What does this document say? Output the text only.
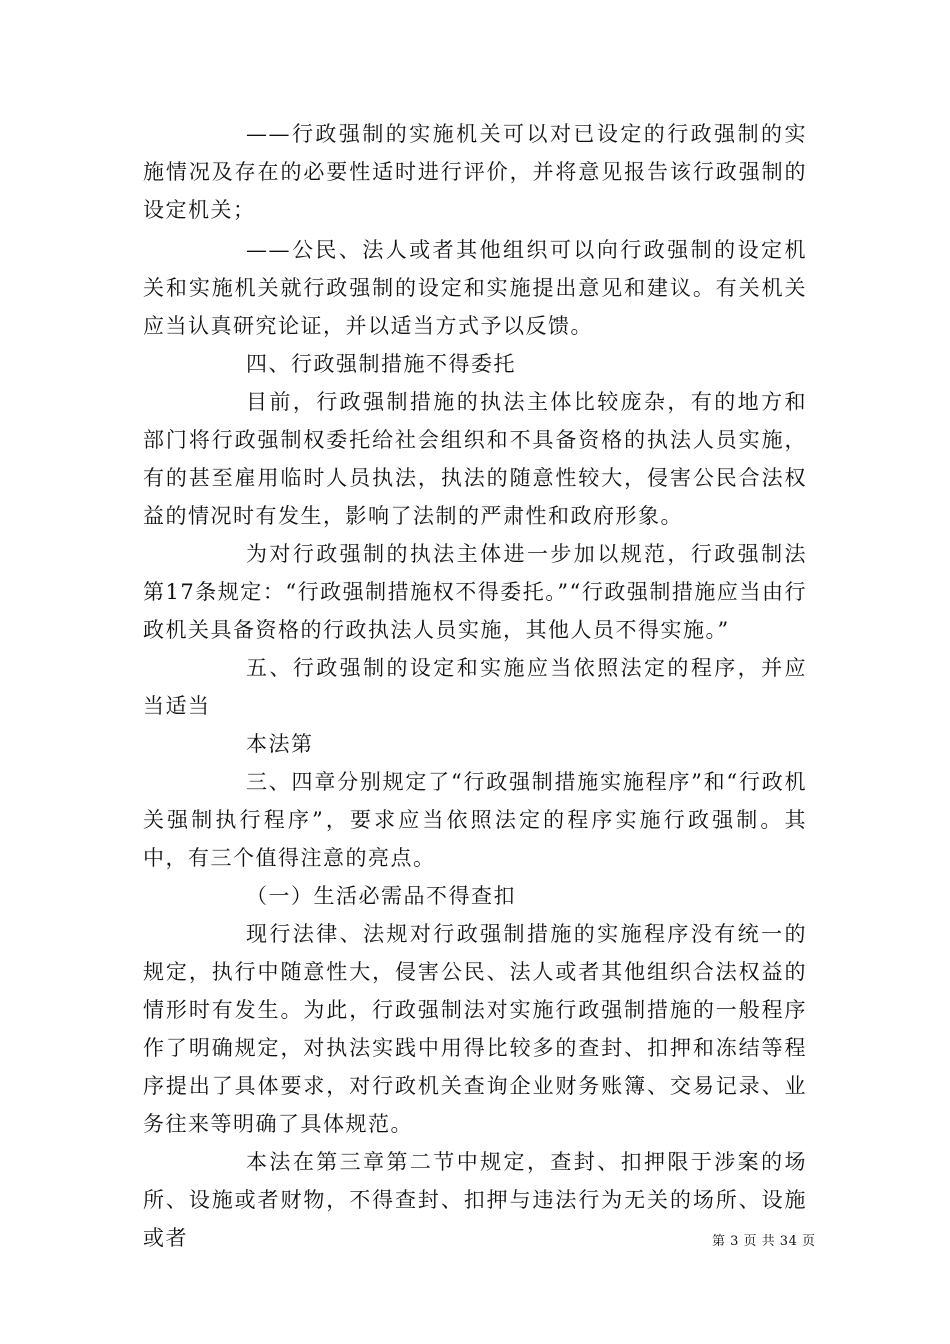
——行政强制的实施机关可以对已设定的行政强制的实施情况及存在的必要性适时进行评价，并将意见报告该行政强制的设定机关；

——公民、法人或者其他组织可以向行政强制的设定机关和实施机关就行政强制的设定和实施提出意见和建议。有关机关应当认真研究论证，并以适当方式予以反馈。

四、行政强制措施不得委托

目前，行政强制措施的执法主体比较庞杂，有的地方和部门将行政强制权委托给社会组织和不具备资格的执法人员实施，有的甚至雇用临时人员执法，执法的随意性较大，侵害公民合法权益的情况时有发生，影响了法制的严肃性和政府形象。

为对行政强制的执法主体进一步加以规范，行政强制法第17条规定：“行政强制措施权不得委托。”“行政强制措施应当由行政机关具备资格的行政执法人员实施，其他人员不得实施。”

五、行政强制的设定和实施应当依照法定的程序，并应当适当

本法第

三、四章分别规定了“行政强制措施实施程序”和“行政机关强制执行程序”，要求应当依照法定的程序实施行政强制。其中，有三个值得注意的亮点。

（一）生活必需品不得查扣

现行法律、法规对行政强制措施的实施程序没有统一的规定，执行中随意性大，侵害公民、法人或者其他组织合法权益的情形时有发生。为此，行政强制法对实施行政强制措施的一般程序作了明确规定，对执法实践中用得比较多的查封、扣押和冻结等程序提出了具体要求，对行政机关查询企业财务账簿、交易记录、业务往来等明确了具体规范。

本法在第三章第二节中规定，查封、扣押限于涉案的场所、设施或者财物，不得查封、扣押与违法行为无关的场所、设施或者	第 3 页 共 34 页
